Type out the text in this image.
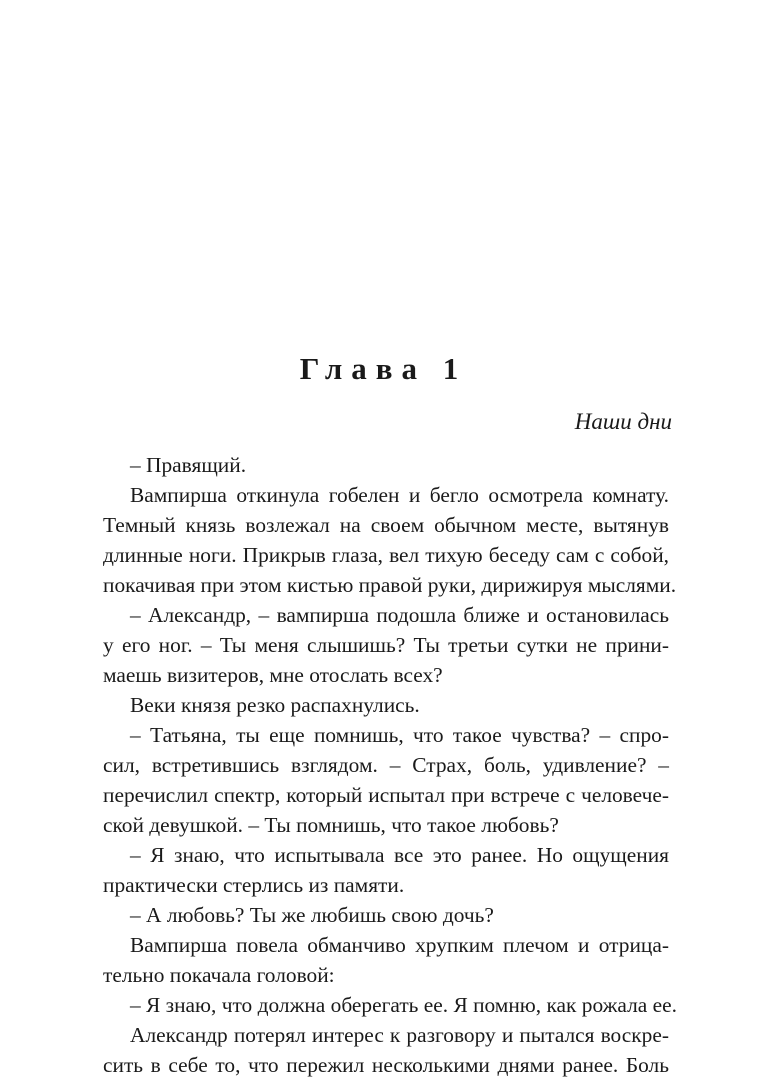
Глава 1
Наши дни
– Правящий.
Вампирша откинула гобелен и бегло осмотрела комнату.
Темный князь возлежал на своем обычном месте, вытянув
длинные ноги. Прикрыв глаза, вел тихую беседу сам с собой,
покачивая при этом кистью правой руки, дирижируя мыслями.
– Александр, – вампирша подошла ближе и остановилась
у его ног. – Ты меня слышишь? Ты третьи сутки не прини-
маешь визитеров, мне отослать всех?
Веки князя резко распахнулись.
– Татьяна, ты еще помнишь, что такое чувства? – спро-
сил, встретившись взглядом. – Страх, боль, удивление? –
перечислил спектр, который испытал при встрече с человече-
ской девушкой. – Ты помнишь, что такое любовь?
– Я знаю, что испытывала все это ранее. Но ощущения
практически стерлись из памяти.
– А любовь? Ты же любишь свою дочь?
Вампирша повела обманчиво хрупким плечом и отрица-
тельно покачала головой:
– Я знаю, что должна оберегать ее. Я помню, как рожала ее.
Александр потерял интерес к разговору и пытался воскре-
сить в себе то, что пережил несколькими днями ранее. Боль
